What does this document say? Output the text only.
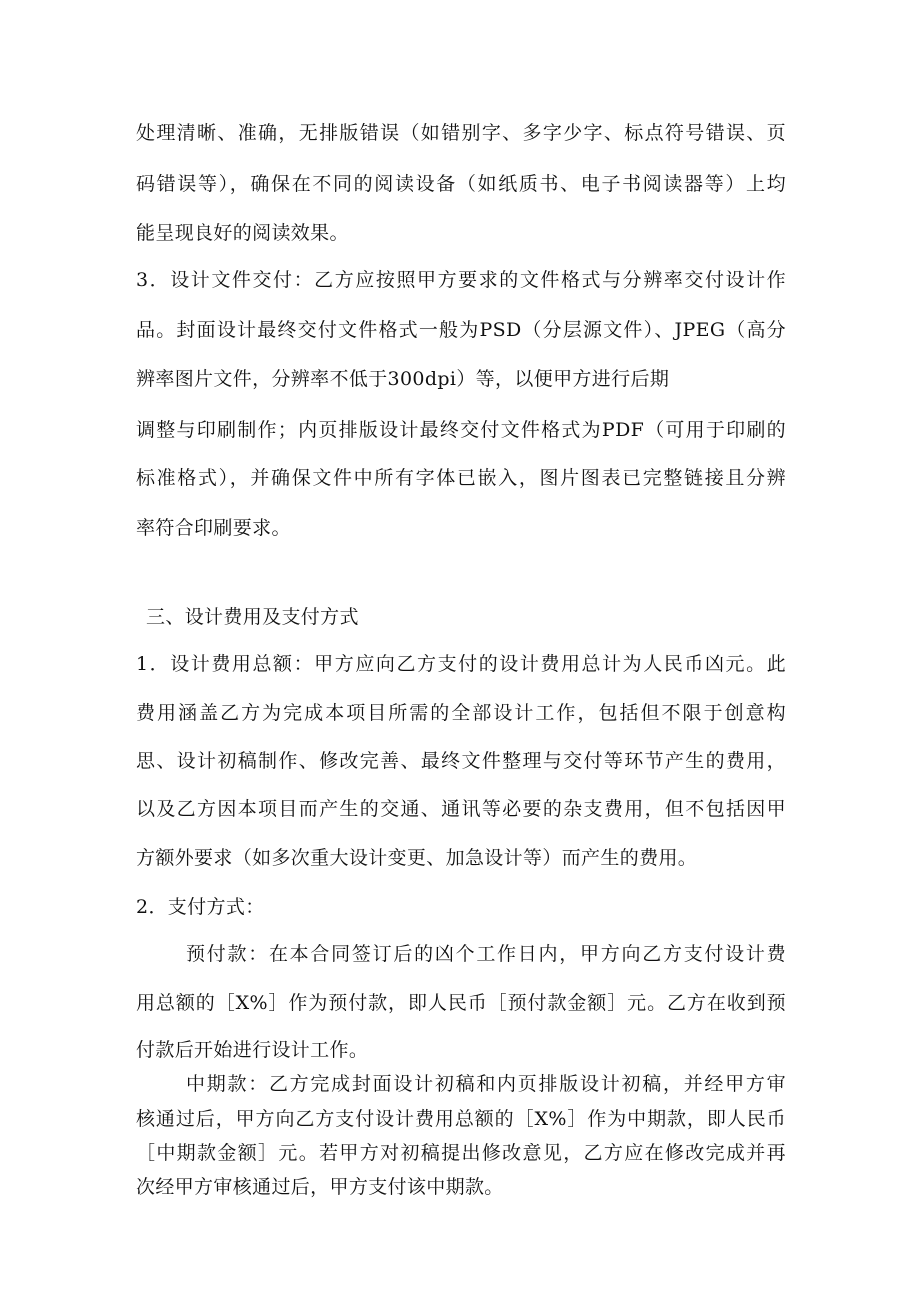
处理清晰、准确，无排版错误（如错别字、多字少字、标点符号错误、页
码错误等），确保在不同的阅读设备（如纸质书、电子书阅读器等）上均
能呈现良好的阅读效果。
3．设计文件交付：乙方应按照甲方要求的文件格式与分辨率交付设计作
品。封面设计最终交付文件格式一般为PSD（分层源文件）、JPEG（高分
辨率图片文件，分辨率不低于300dpi）等，以便甲方进行后期
调整与印刷制作；内页排版设计最终交付文件格式为PDF（可用于印刷的
标准格式），并确保文件中所有字体已嵌入，图片图表已完整链接且分辨
率符合印刷要求。
三、设计费用及支付方式
1．设计费用总额：甲方应向乙方支付的设计费用总计为人民币凶元。此
费用涵盖乙方为完成本项目所需的全部设计工作，包括但不限于创意构
思、设计初稿制作、修改完善、最终文件整理与交付等环节产生的费用，
以及乙方因本项目而产生的交通、通讯等必要的杂支费用，但不包括因甲
方额外要求（如多次重大设计变更、加急设计等）而产生的费用。
2．支付方式：
预付款：在本合同签订后的凶个工作日内，甲方向乙方支付设计费
用总额的［X%］作为预付款，即人民币［预付款金额］元。乙方在收到预
付款后开始进行设计工作。
中期款：乙方完成封面设计初稿和内页排版设计初稿，并经甲方审
核通过后，甲方向乙方支付设计费用总额的［X%］作为中期款，即人民币
［中期款金额］元。若甲方对初稿提出修改意见，乙方应在修改完成并再
次经甲方审核通过后，甲方支付该中期款。
